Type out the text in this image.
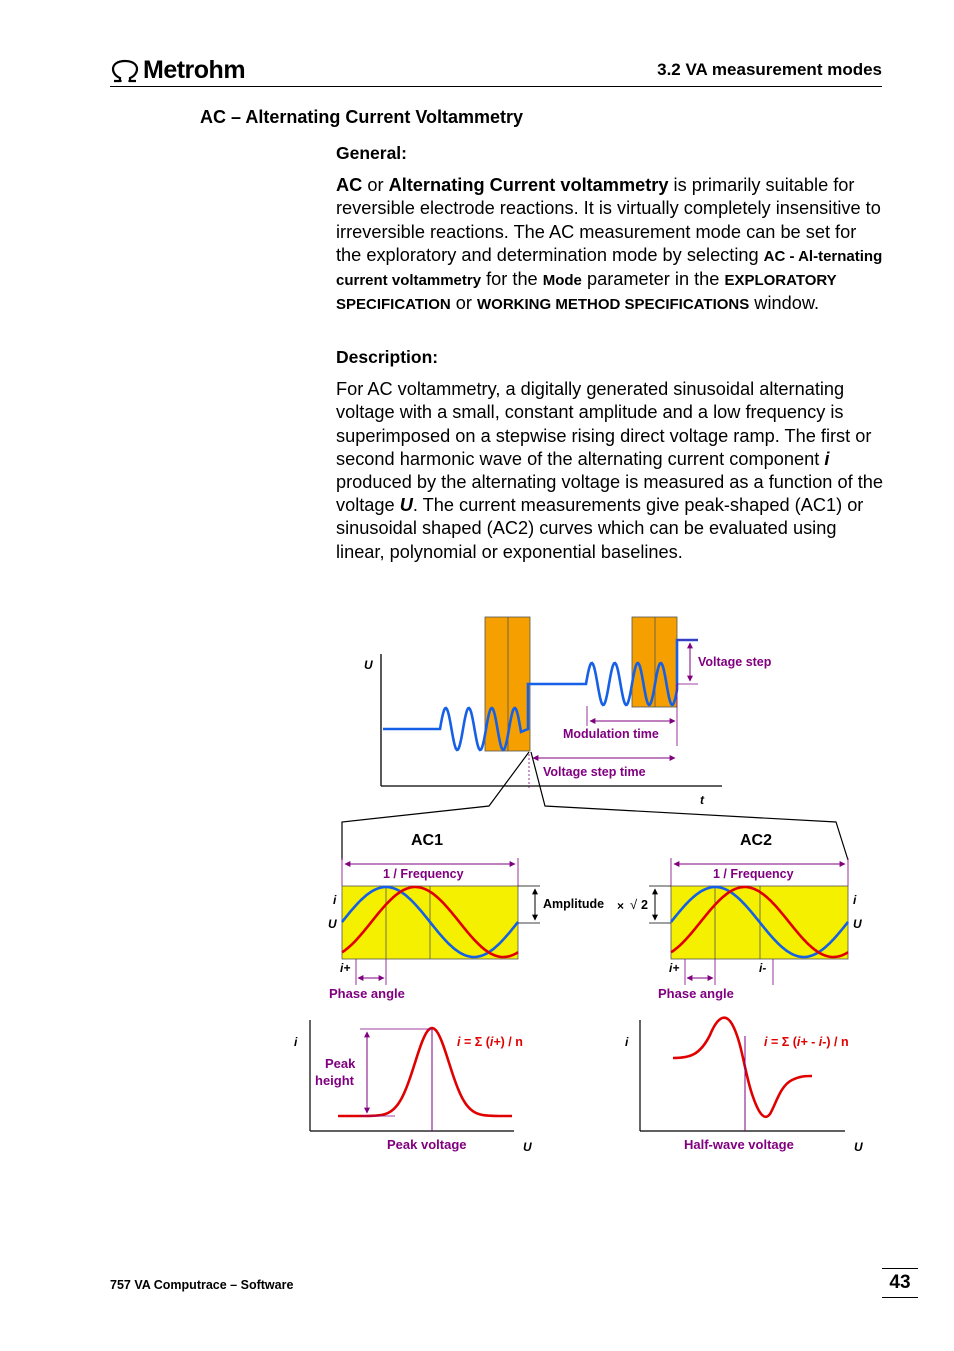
Metrohm	3.2 VA measurement modes
AC – Alternating Current Voltammetry
General:
AC or Alternating Current voltammetry is primarily suitable for reversible electrode reactions. It is virtually completely insensitive to irreversible reactions. The AC measurement mode can be set for the exploratory and determination mode by selecting AC - Al-ternating current voltammetry for the Mode parameter in the EXPLORATORY SPECIFICATION or WORKING METHOD SPECIFICATIONS window.
Description:
For AC voltammetry, a digitally generated sinusoidal alternating voltage with a small, constant amplitude and a low frequency is superimposed on a stepwise rising direct voltage ramp. The first or second harmonic wave of the alternating current component i produced by the alternating voltage is measured as a function of the voltage U. The current measurements give peak-shaped (AC1) or sinusoidal shaped (AC2) curves which can be evaluated using linear, polynomial or exponential baselines.
U
t
Modulation time
Voltage step time
Voltage step
AC1
1 / Frequency
i
U
i+
Phase angle
Amplitude × √ 2
i
U
Peak
height
i = Σ (i+) / n
Peak voltage
AC2
1 / Frequency
i
U
i+	i-
Phase angle
i
U
i = Σ (i+ - i-) / n
Half-wave voltage
757 VA Computrace – Software	43
